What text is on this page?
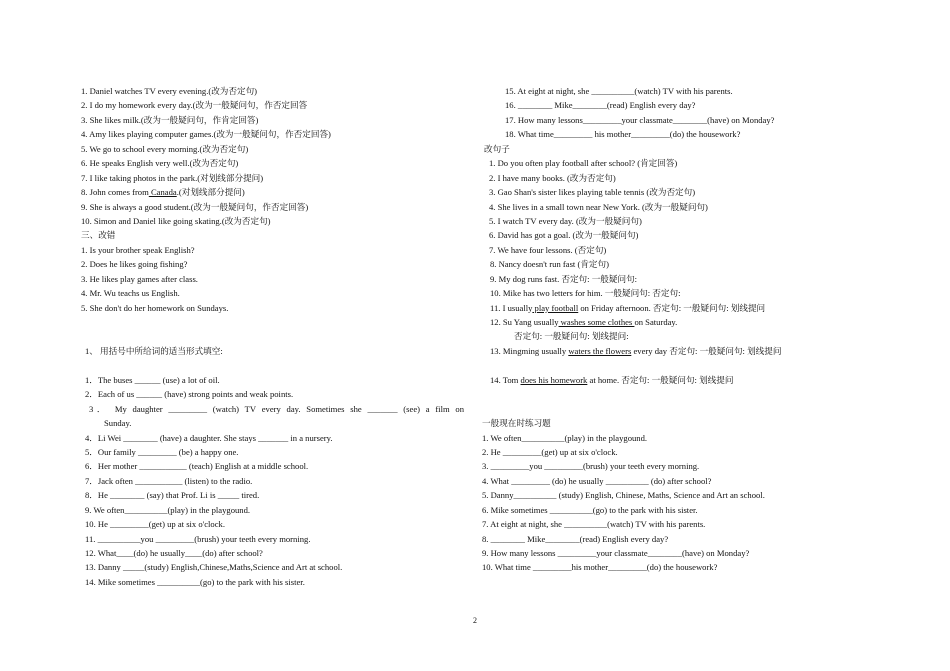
1. Daniel watches TV every evening.(改为否定句)
2. I do my homework every day.(改为一般疑问句，作否定回答
3. She likes milk.(改为一般疑问句，作肯定回答)
4. Amy likes playing computer games.(改为一般疑问句，作否定回答)
5. We go to school every morning.(改为否定句)
6. He speaks English very well.(改为否定句)
7. I like taking photos in the park.(对划线部分提问)
8. John comes from Canada.(对划线部分提问)
9. She is always a good student.(改为一般疑问句，作否定回答)
10. Simon and Daniel like going skating.(改为否定句)
三、改错
1. Is your brother speak English?
2. Does he likes going fishing?
3. He likes play games after class.
4. Mr. Wu teachs us English.
5. She don't do her homework on Sundays.
1、 用括号中所给词的适当形式填空:
1．The buses ______ (use) a lot of oil.
2．Each of us ______ (have) strong points and weak points.
3． My daughter _________ (watch) TV every day. Sometimes she _______ (see) a film on
Sunday.
4．Li Wei ________ (have) a daughter. She stays _______ in a nursery.
5．Our family _________ (be) a happy one.
6．Her mother ___________ (teach) English at a middle school.
7．Jack often ___________ (listen) to the radio.
8．He ________ (say) that Prof. Li is _____ tired.
9. We often__________(play) in the playgound.
10. He _________(get) up at six o'clock.
11. __________you _________(brush) your teeth every morning.
12. What____(do) he usually____(do) after school?
13. Danny _____(study) English,Chinese,Maths,Science and Art at school.
14. Mike sometimes __________(go) to the park with his sister.
15. At eight at night, she __________(watch) TV with his parents.
16. ________ Mike________(read) English every day?
17. How many lessons_________your classmate________(have) on Monday?
18. What time_________ his mother_________(do) the housework?
改句子
1. Do you often play football after school? (肯定回答)
2. I have many books. (改为否定句)
3. Gao Shan's sister likes playing table tennis (改为否定句)
4. She lives in a small town near New York. (改为一般疑问句)
5. I watch TV every day. (改为一般疑问句)
6. David has got a goal. (改为一般疑问句)
7. We have four lessons. (否定句)
8. Nancy doesn't run fast (肯定句)
9. My dog runs fast. 否定句: 一般疑问句:
10. Mike has two letters for him. 一般疑问句: 否定句:
11. I usually play football on Friday afternoon. 否定句: 一般疑问句: 划线提问
12. Su Yang usually washes some clothes on Saturday.
否定句: 一般疑问句: 划线提问:
13. Mingming usually waters the flowers every day 否定句: 一般疑问句: 划线提问
14. Tom does his homework at home. 否定句: 一般疑问句: 划线提问
一般现在时练习题
1. We often__________(play) in the playgound.
2. He _________(get) up at six o'clock.
3. _________you _________(brush) your teeth every morning.
4. What _________ (do) he usually __________ (do) after school?
5. Danny__________ (study) English, Chinese, Maths, Science and Art an school.
6. Mike sometimes __________(go) to the park with his sister.
7. At eight at night, she __________(watch) TV with his parents.
8. ________ Mike________(read) English every day?
9. How many lessons _________your classmate________(have) on Monday?
10. What time _________his mother_________(do) the housework?
2
